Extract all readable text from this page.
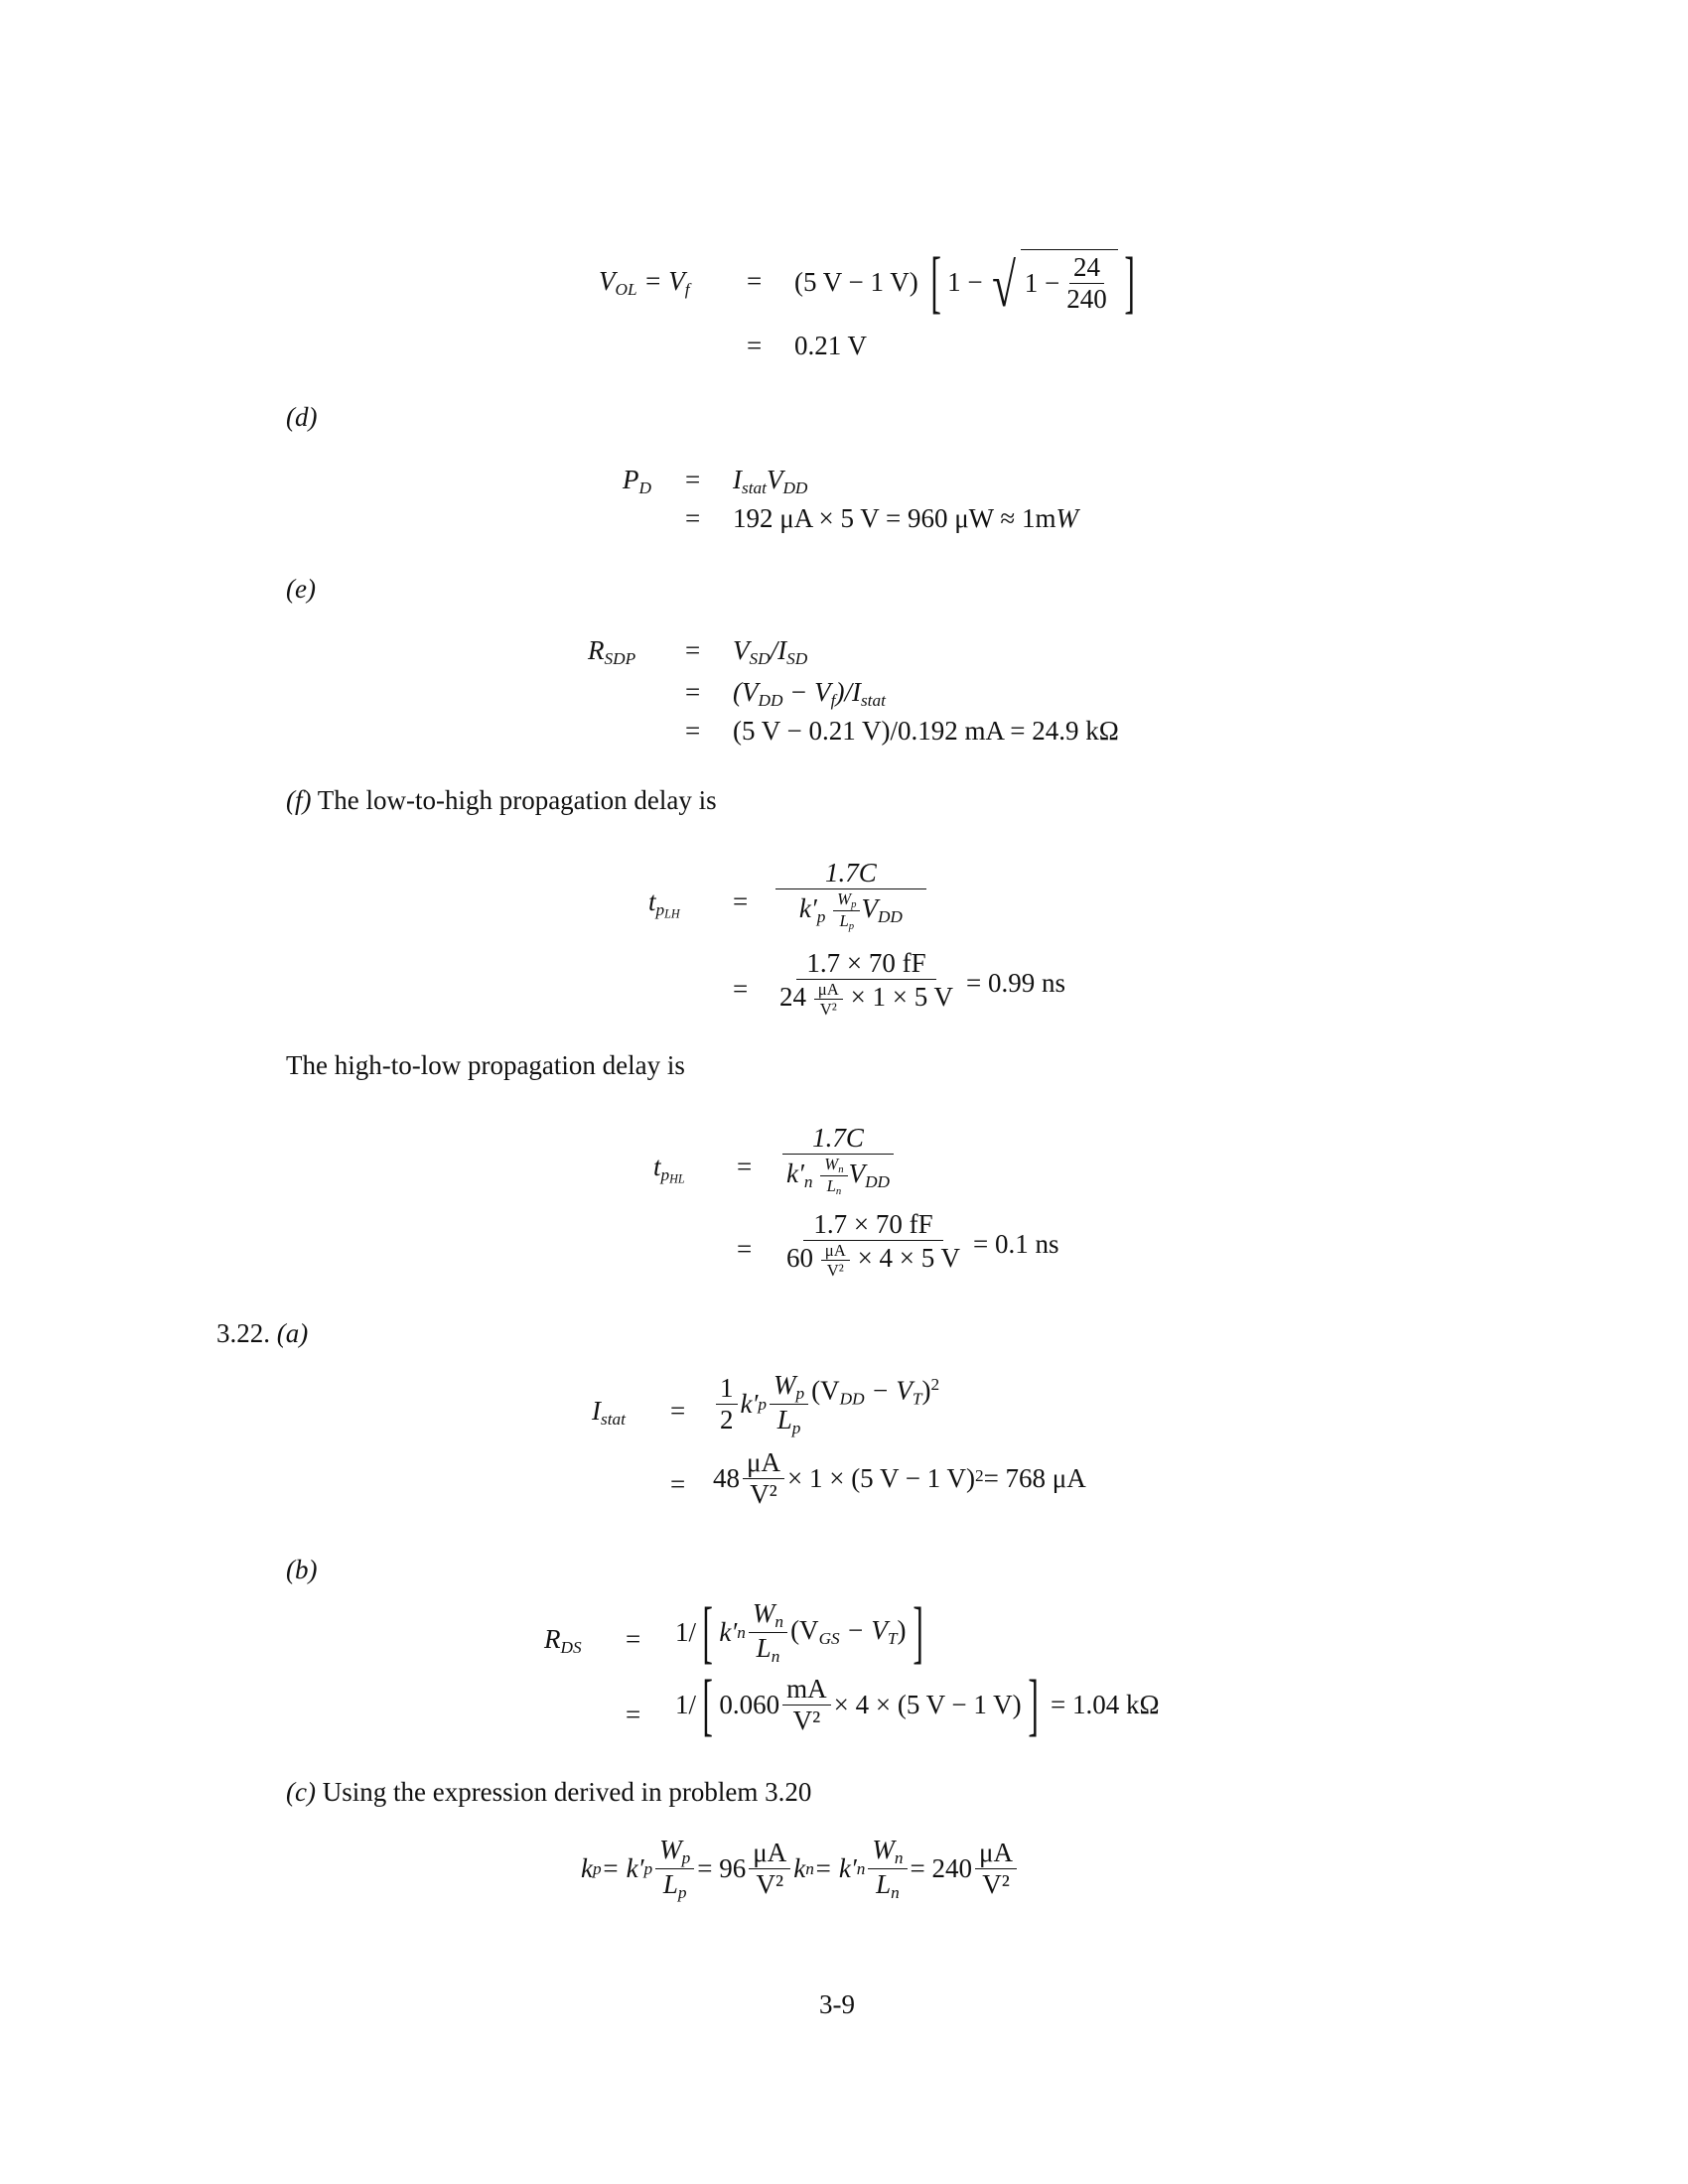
$V_{OL} = V_f = (5$ V − 1 V) [ 1 − √ $1 - \frac{24}{240}$ ]
= 0.21 V
(d)
$P_D = I_{stat}V_{DD}$
= 192 μA × 5 V = 960 μW ≈ 1mW
(e)
$R_{SDP} = V_{SD}/I_{SD}$
= $(V_{DD} - V_f)/I_{stat}$
= (5 V − 0.21 V)/0.192 mA = 24.9 kΩ
(f) The low-to-high propagation delay is
$t_{pLH} = \frac{1.7C}{k'_p \frac{W_p}{L_p} V_{DD}}$
= $\frac{1.7 \times 70 fF}{24 \frac{\mu A}{\text{V²}} \times 1 \times 5 V} = 0.99$ ns
The high-to-low propagation delay is
$t_{pHL} = \frac{1.7C}{k'_n \frac{W_n}{L_n} V_{DD}}$
= $\frac{1.7 \times 70 fF}{60 \frac{\mu A}{\text{V²}} \times 4 \times 5 V} = 0.1$ ns
3.22. (a)
$I_{stat} = \frac{1}{2} k'$ p $\frac{W_p}{L_p} (V_{DD} - V_T)^2$
= $48 \frac{\mu A}{\text{V²}} \times 1 \times (5$ V − 1 V) 2 = 768 μA
(b)
$R_{DS} = 1/$ [ k′ n $\frac{W_n}{L_n} (V_{GS} - V_T)$ ]
= 1/ [ $0.060 \frac{mA}{\text{V²}} \times 4 \times (5$ V − 1 V) ] = 1.04 kΩ
(c) Using the expression derived in problem 3.20
k p = k′ p $\frac{W_p}{L_p} = 96 \frac{\mu A}{\text{V²}}$ k n = k′ n $\frac{W_n}{L_n} = 240 \frac{\mu A}{\text{V²}}$
3-9
